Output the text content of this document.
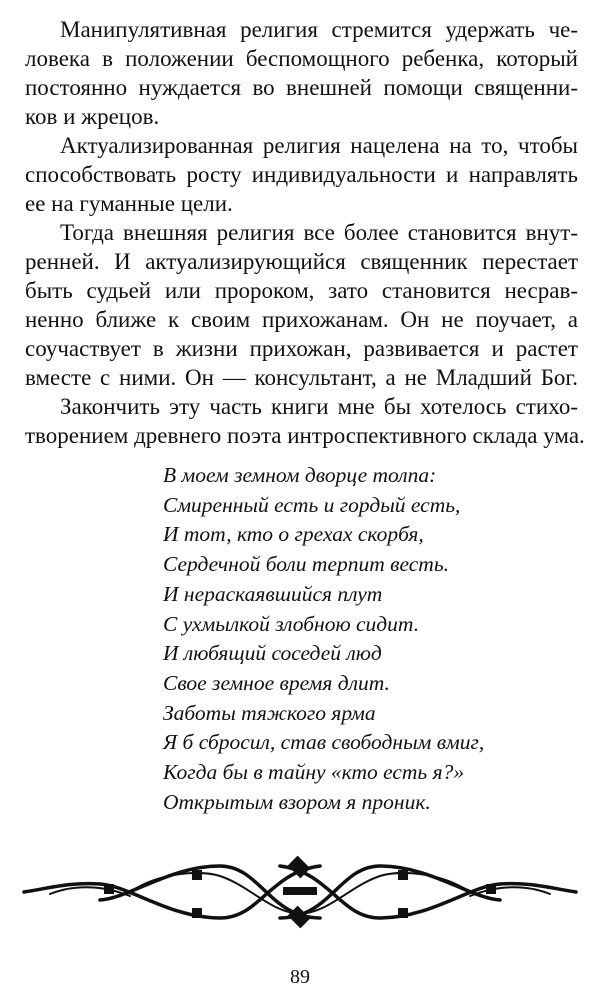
Манипулятивная религия стремится удержать че-
ловека в положении беспомощного ребенка, который
постоянно нуждается во внешней помощи священни-
ков и жрецов.
Актуализированная религия нацелена на то, чтобы
способствовать росту индивидуальности и направлять
ее на гуманные цели.
Тогда внешняя религия все более становится внут-
ренней. И актуализирующийся священник перестает
быть судьей или пророком, зато становится несрав-
ненно ближе к своим прихожанам. Он не поучает, а
соучаствует в жизни прихожан, развивается и растет
вместе с ними. Он — консультант, а не Младший Бог.
Закончить эту часть книги мне бы хотелось стихо-
творением древнего поэта интроспективного склада ума.
В моем земном дворце толпа:
Смиренный есть и гордый есть,
И тот, кто о грехах скорбя,
Сердечной боли терпит весть.
И нераскаявшийся плут
С ухмылкой злобною сидит.
И любящий соседей люд
Свое земное время длит.
Заботы тяжкого ярма
Я б сбросил, став свободным вмиг,
Когда бы в тайну «кто есть я?»
Открытым взором я проник.
89
